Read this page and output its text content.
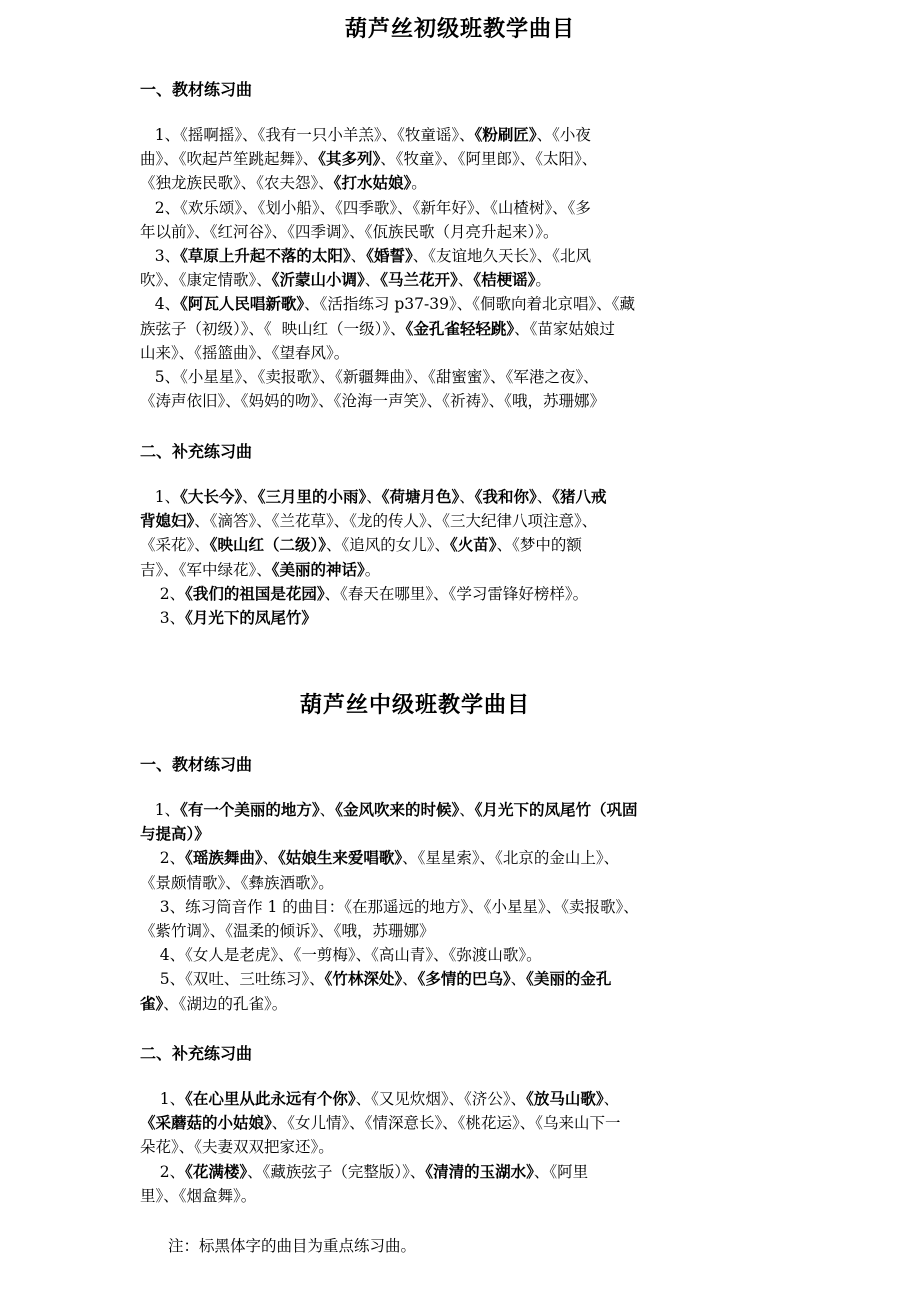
葫芦丝初级班教学曲目
一、教材练习曲
1、《摇啊摇》、《我有一只小羊羔》、《牧童谣》、《粉刷匠》、《小夜
曲》、《吹起芦笙跳起舞》、《其多列》、《牧童》、《阿里郎》、《太阳》、
《独龙族民歌》、《农夫怨》、《打水姑娘》。
2、《欢乐颂》、《划小船》、《四季歌》、《新年好》、《山楂树》、《多
年以前》、《红河谷》、《四季调》、《佤族民歌（月亮升起来）》。
3、《草原上升起不落的太阳》、《婚誓》、《友谊地久天长》、《北风
吹》、《康定情歌》、《沂蒙山小调》、《马兰花开》、《桔梗谣》。
4、《阿瓦人民唱新歌》、《活指练习 p37-39》、《侗歌向着北京唱》、《藏
族弦子（初级）》、《  映山红（一级）》、《金孔雀轻轻跳》、《苗家姑娘过
山来》、《摇篮曲》、《望春风》。
5、《小星星》、《卖报歌》、《新疆舞曲》、《甜蜜蜜》、《军港之夜》、
《涛声依旧》、《妈妈的吻》、《沧海一声笑》、《祈祷》、《哦，苏珊娜》
二、补充练习曲
1、《大长今》、《三月里的小雨》、《荷塘月色》、《我和你》、《猪八戒
背媳妇》、《滴答》、《兰花草》、《龙的传人》、《三大纪律八项注意》、
《采花》、《映山红（二级）》、《追风的女儿》、《火苗》、《梦中的额
吉》、《军中绿花》、《美丽的神话》。
2、《我们的祖国是花园》、《春天在哪里》、《学习雷锋好榜样》。
3、《月光下的凤尾竹》
葫芦丝中级班教学曲目
一、教材练习曲
1、《有一个美丽的地方》、《金风吹来的时候》、《月光下的凤尾竹（巩固
与提高）》
2、《瑶族舞曲》、《姑娘生来爱唱歌》、《星星索》、《北京的金山上》、
《景颇情歌》、《彝族酒歌》。
3、练习筒音作 1 的曲目：《在那遥远的地方》、《小星星》、《卖报歌》、
《紫竹调》、《温柔的倾诉》、《哦，苏珊娜》
4、《女人是老虎》、《一剪梅》、《高山青》、《弥渡山歌》。
5、《双吐、三吐练习》、《竹林深处》、《多情的巴乌》、《美丽的金孔
雀》、《湖边的孔雀》。
二、补充练习曲
1、《在心里从此永远有个你》、《又见炊烟》、《济公》、《放马山歌》、
《采蘑菇的小姑娘》、《女儿情》、《情深意长》、《桃花运》、《乌来山下一
朵花》、《夫妻双双把家还》。
2、《花满楼》、《藏族弦子（完整版）》、《清清的玉湖水》、《阿里
里》、《烟盒舞》。
注：标黑体字的曲目为重点练习曲。
